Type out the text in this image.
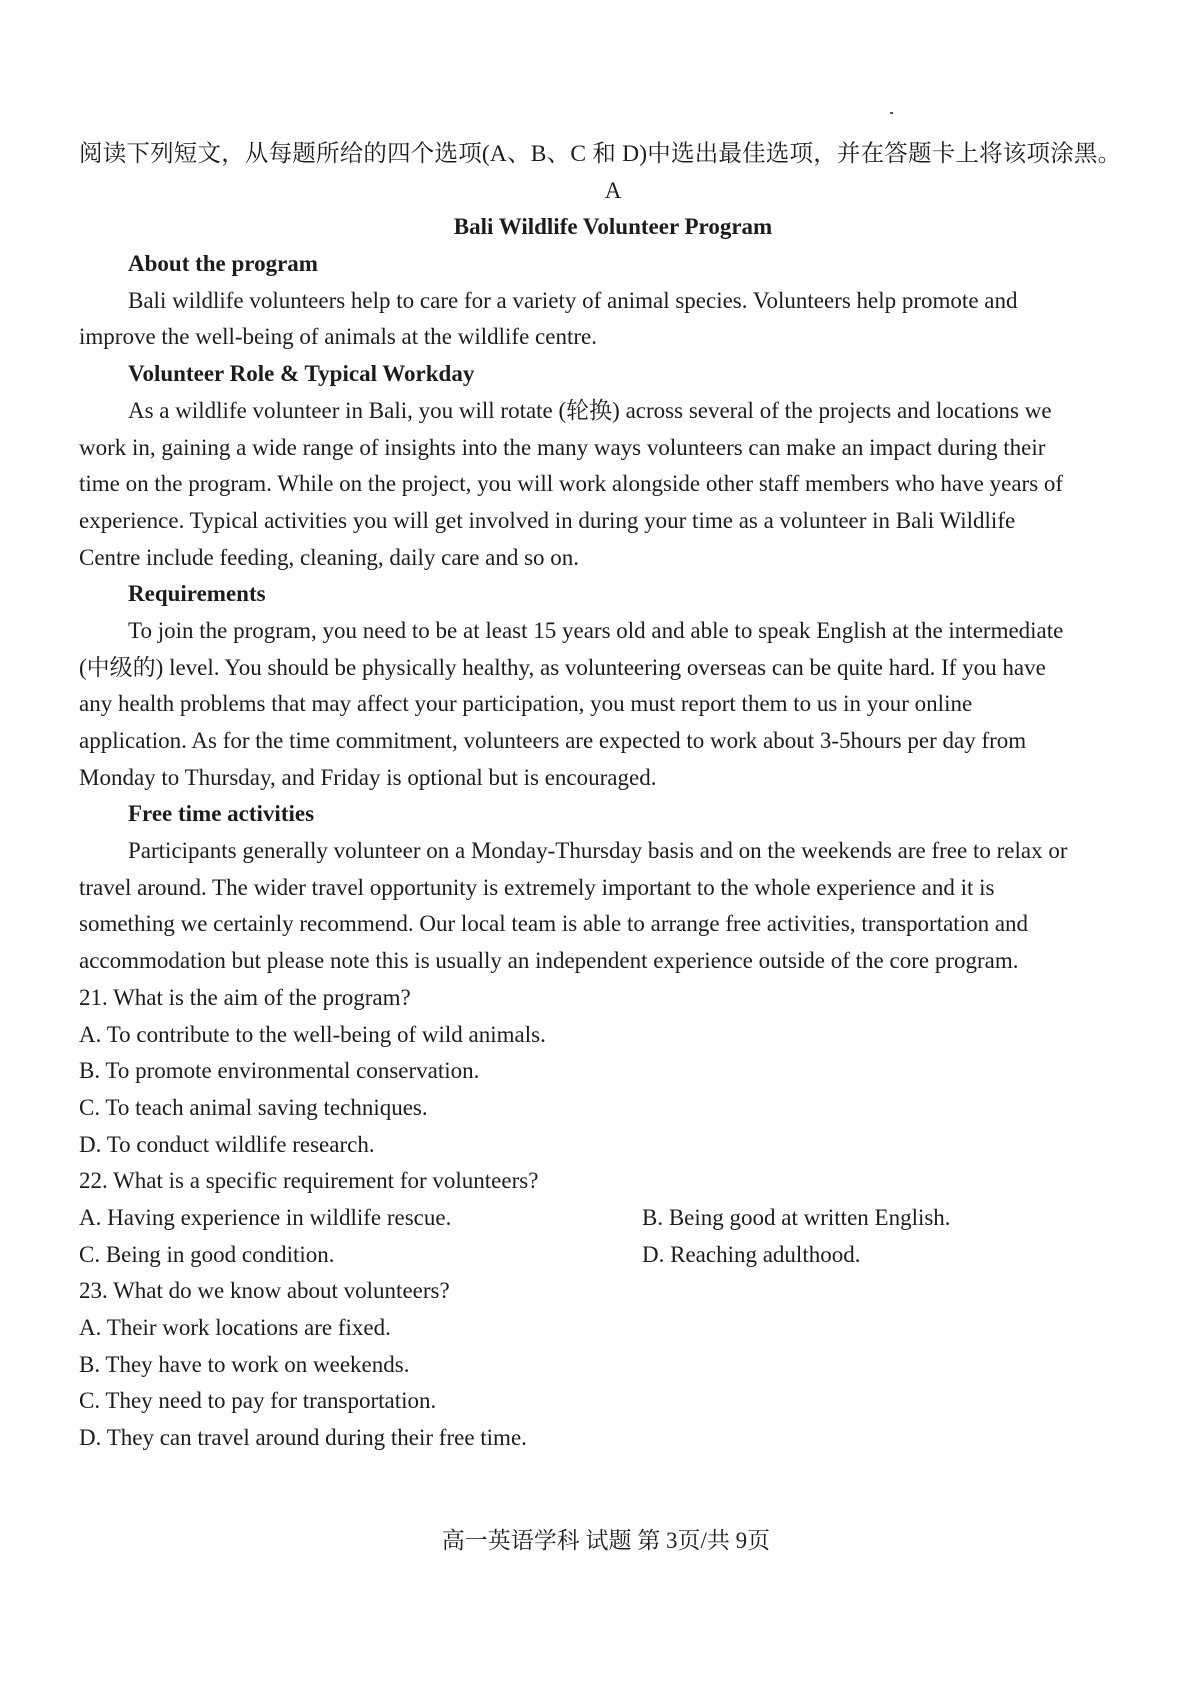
阅读下列短文，从每题所给的四个选项(A、B、C 和 D)中选出最佳选项，并在答题卡上将该项涂黑。
A
Bali Wildlife Volunteer Program
About the program
Bali wildlife volunteers help to care for a variety of animal species. Volunteers help promote and
improve the well-being of animals at the wildlife centre.
Volunteer Role & Typical Workday
As a wildlife volunteer in Bali, you will rotate (轮换) across several of the projects and locations we
work in, gaining a wide range of insights into the many ways volunteers can make an impact during their
time on the program. While on the project, you will work alongside other staff members who have years of
experience. Typical activities you will get involved in during your time as a volunteer in Bali Wildlife
Centre include feeding, cleaning, daily care and so on.
Requirements
To join the program, you need to be at least 15 years old and able to speak English at the intermediate
(中级的) level. You should be physically healthy, as volunteering overseas can be quite hard. If you have
any health problems that may affect your participation, you must report them to us in your online
application. As for the time commitment, volunteers are expected to work about 3-5hours per day from
Monday to Thursday, and Friday is optional but is encouraged.
Free time activities
Participants generally volunteer on a Monday-Thursday basis and on the weekends are free to relax or
travel around. The wider travel opportunity is extremely important to the whole experience and it is
something we certainly recommend. Our local team is able to arrange free activities, transportation and
accommodation but please note this is usually an independent experience outside of the core program.
21. What is the aim of the program?
A. To contribute to the well-being of wild animals.
B. To promote environmental conservation.
C. To teach animal saving techniques.
D. To conduct wildlife research.
22. What is a specific requirement for volunteers?
A. Having experience in wildlife rescue.	B. Being good at written English.
C. Being in good condition.	D. Reaching adulthood.
23. What do we know about volunteers?
A. Their work locations are fixed.
B. They have to work on weekends.
C. They need to pay for transportation.
D. They can travel around during their free time.
高一英语学科 试题 第 3页/共 9页
